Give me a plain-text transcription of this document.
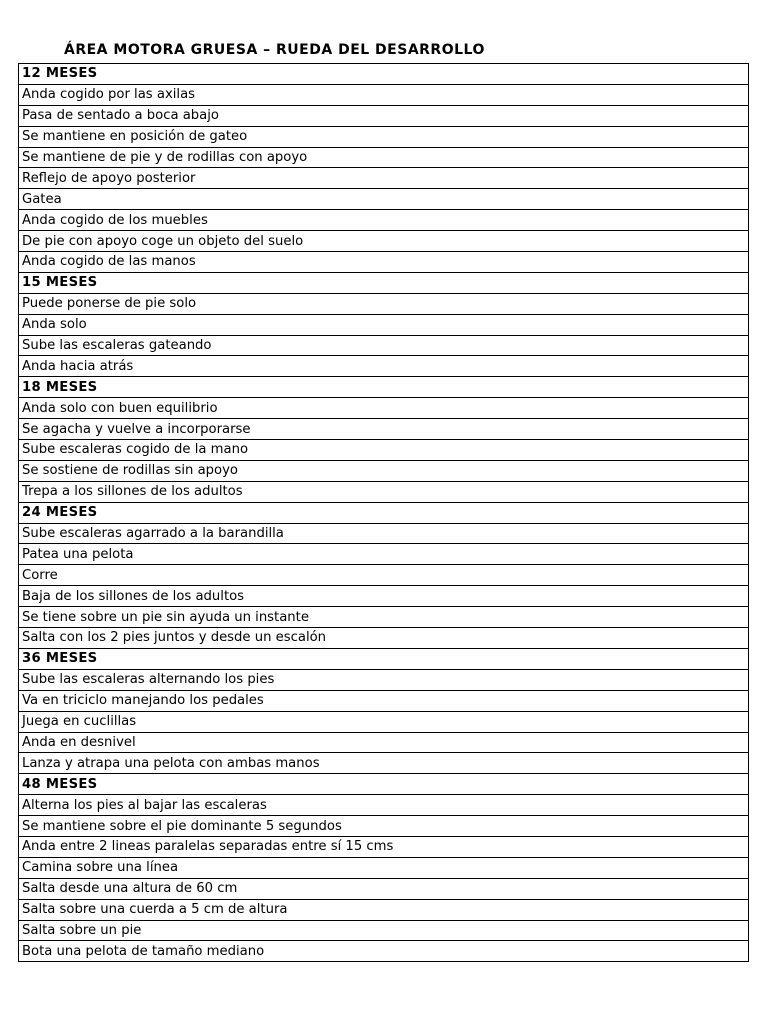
ÁREA MOTORA GRUESA – RUEDA DEL DESARROLLO
12 MESES
Anda cogido por las axilas
Pasa de sentado a boca abajo
Se mantiene en posición de gateo
Se mantiene de pie y de rodillas con apoyo
Reflejo de apoyo posterior
Gatea
Anda cogido de los muebles
De pie con apoyo coge un objeto del suelo
Anda cogido de las manos
15 MESES
Puede ponerse de pie solo
Anda solo
Sube las escaleras gateando
Anda hacia atrás
18 MESES
Anda solo con buen equilibrio
Se agacha y vuelve a incorporarse
Sube escaleras cogido de la mano
Se sostiene de rodillas sin apoyo
Trepa a los sillones de los adultos
24 MESES
Sube escaleras agarrado a la barandilla
Patea una pelota
Corre
Baja de los sillones de los adultos
Se tiene sobre un pie sin ayuda un instante
Salta con los 2 pies juntos y desde un escalón
36 MESES
Sube las escaleras alternando los pies
Va en triciclo manejando los pedales
Juega en cuclillas
Anda en desnivel
Lanza y atrapa una pelota con ambas manos
48 MESES
Alterna los pies al bajar las escaleras
Se mantiene sobre el pie dominante 5 segundos
Anda entre 2 lineas paralelas separadas entre sí 15 cms
Camina sobre una línea
Salta desde una altura de 60 cm
Salta sobre una cuerda a 5 cm de altura
Salta sobre un pie
Bota una pelota de tamaño mediano
